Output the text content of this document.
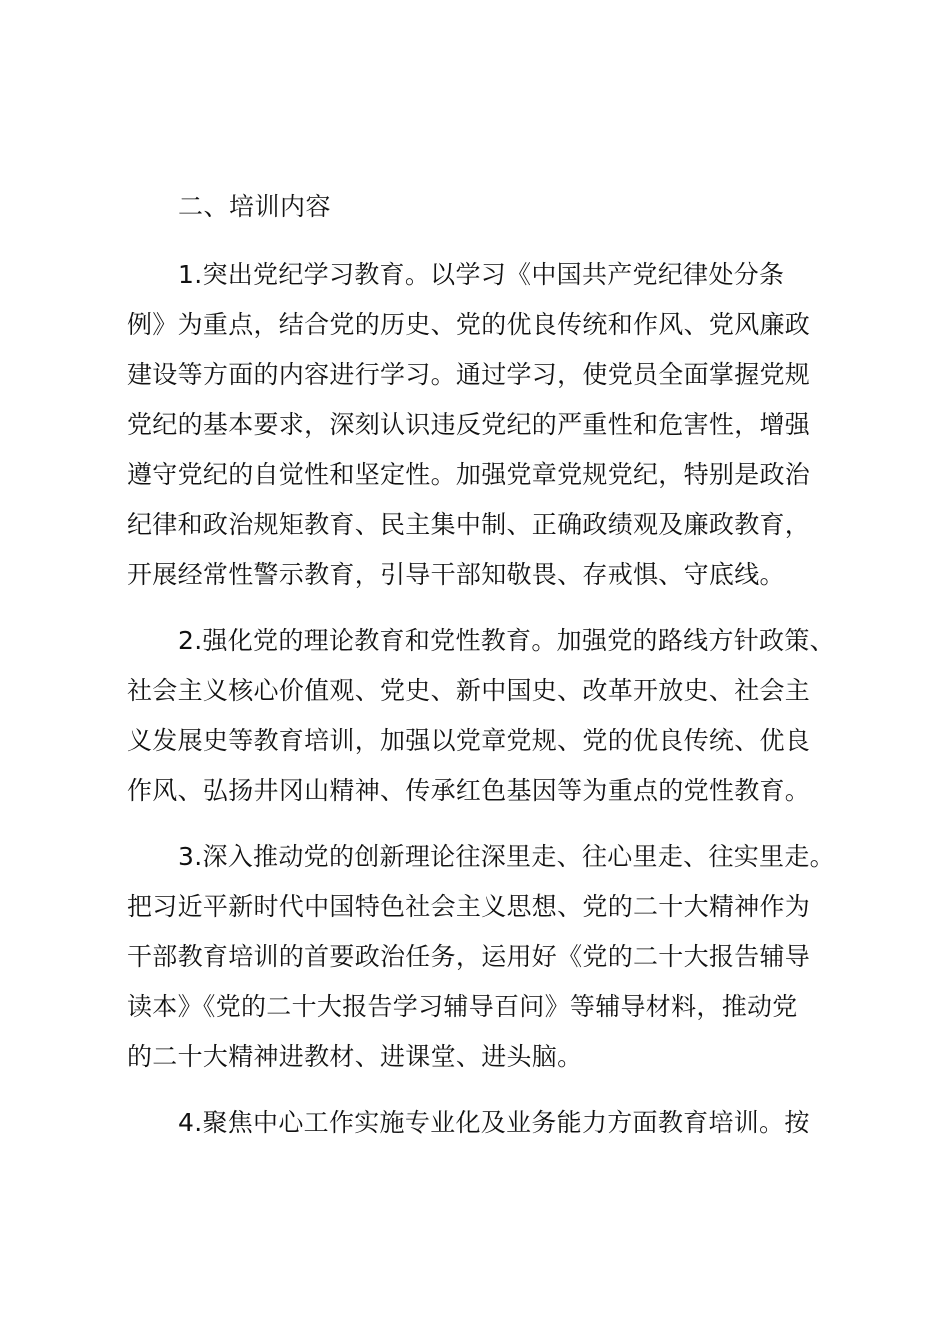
二、培训内容
1.突出党纪学习教育。以学习《中国共产党纪律处分条
例》为重点，结合党的历史、党的优良传统和作风、党风廉政
建设等方面的内容进行学习。通过学习，使党员全面掌握党规
党纪的基本要求，深刻认识违反党纪的严重性和危害性，增强
遵守党纪的自觉性和坚定性。加强党章党规党纪，特别是政治
纪律和政治规矩教育、民主集中制、正确政绩观及廉政教育，
开展经常性警示教育，引导干部知敬畏、存戒惧、守底线。
2.强化党的理论教育和党性教育。加强党的路线方针政策、
社会主义核心价值观、党史、新中国史、改革开放史、社会主
义发展史等教育培训，加强以党章党规、党的优良传统、优良
作风、弘扬井冈山精神、传承红色基因等为重点的党性教育。
3.深入推动党的创新理论往深里走、往心里走、往实里走。
把习近平新时代中国特色社会主义思想、党的二十大精神作为
干部教育培训的首要政治任务，运用好《党的二十大报告辅导
读本》《党的二十大报告学习辅导百问》等辅导材料，推动党
的二十大精神进教材、进课堂、进头脑。
4.聚焦中心工作实施专业化及业务能力方面教育培训。按
